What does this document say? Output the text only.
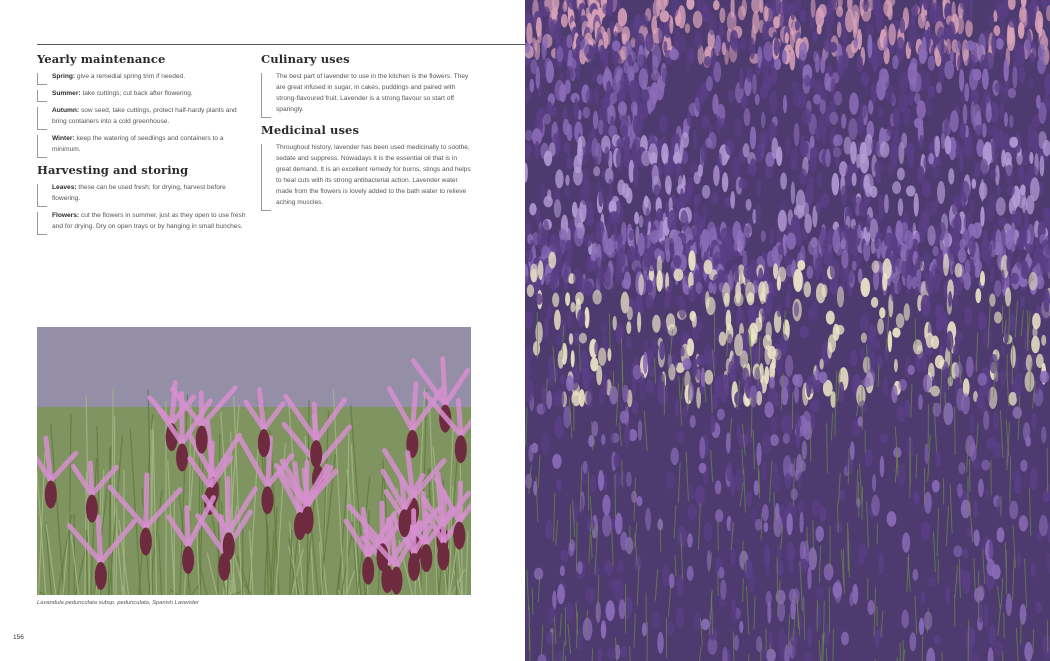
Yearly maintenance
Spring: give a remedial spring trim if needed.
Summer: take cuttings; cut back after flowering.
Autumn: sow seed, take cuttings, protect half-hardy plants and bring containers into a cold greenhouse.
Winter: keep the watering of seedlings and containers to a minimum.
Harvesting and storing
Leaves: these can be used fresh; for drying, harvest before flowering.
Flowers: cut the flowers in summer, just as they open to use fresh and for drying. Dry on open trays or by hanging in small bunches.
Culinary uses
The best part of lavender to use in the kitchen is the flowers. They are great infused in sugar, in cakes, puddings and paired with strong-flavoured fruit. Lavender is a strong flavour so start off sparingly.
Medicinal uses
Throughout history, lavender has been used medicinally to soothe, sedate and suppress. Nowadays it is the essential oil that is in great demand. It is an excellent remedy for burns, stings and helps to heal cuts with its strong antibacterial action. Lavender water made from the flowers is lovely added to the bath water to relieve aching muscles.
Lavandula pedunculata subsp. pedunculata, Spanish Lavender
156
